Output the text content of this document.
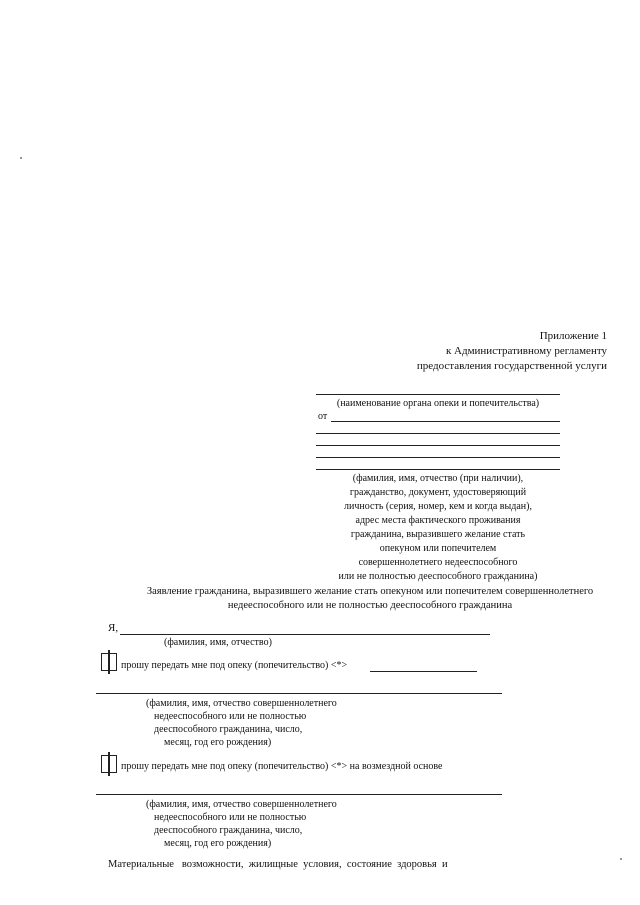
Приложение 1
к Административному регламенту
предоставления государственной услуги
(наименование органа опеки и попечительства)
от
(фамилия, имя, отчество (при наличии),
гражданство, документ, удостоверяющий
личность (серия, номер, кем и когда выдан),
адрес места фактического проживания
гражданина, выразившего желание стать
опекуном или попечителем
совершеннолетнего недееспособного
или не полностью дееспособного гражданина)
Заявление гражданина, выразившего желание стать опекуном или попечителем совершеннолетнего
недееспособного или не полностью дееспособного гражданина
Я,
(фамилия, имя, отчество)
прошу передать мне под опеку (попечительство) <*>
(фамилия, имя, отчество совершеннолетнего
недееспособного или не полностью
дееспособного гражданина, число,
месяц, год его рождения)
прошу передать мне под опеку (попечительство) <*> на возмездной основе
(фамилия, имя, отчество совершеннолетнего
недееспособного или не полностью
дееспособного гражданина, число,
месяц, год его рождения)
Материальные   возможности,  жилищные  условия,  состояние  здоровья  и
